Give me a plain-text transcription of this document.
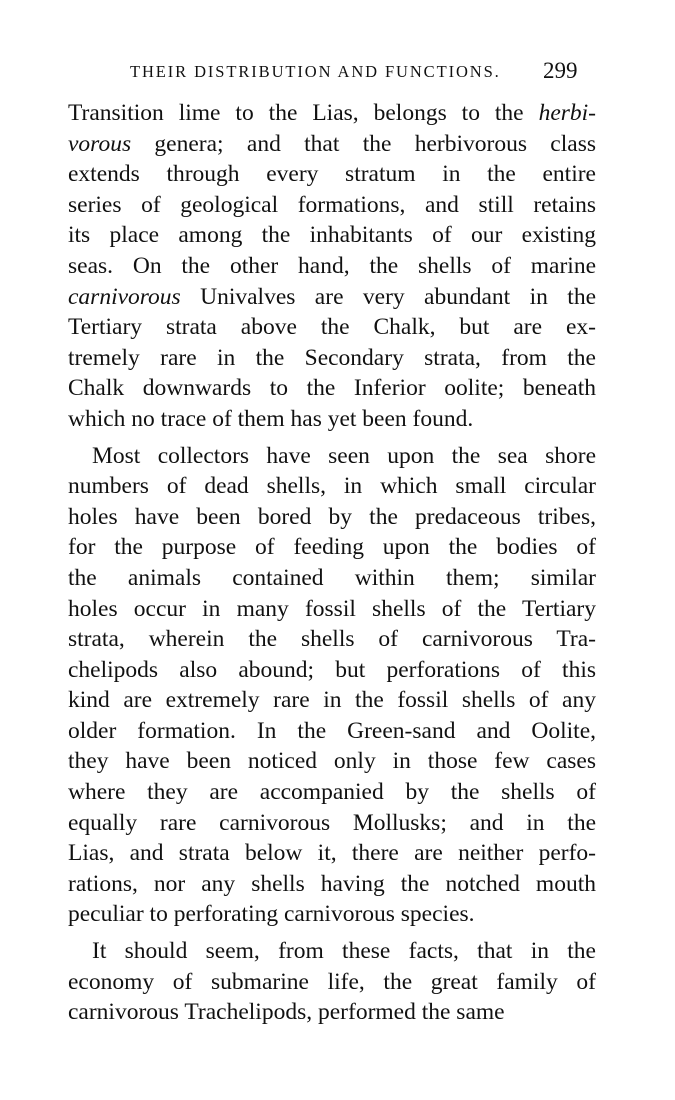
THEIR DISTRIBUTION AND FUNCTIONS. 299
Transition lime to the Lias, belongs to the herbi-
vorous genera; and that the herbivorous class
extends through every stratum in the entire
series of geological formations, and still retains
its place among the inhabitants of our existing
seas. On the other hand, the shells of marine
carnivorous Univalves are very abundant in the
Tertiary strata above the Chalk, but are ex-
tremely rare in the Secondary strata, from the
Chalk downwards to the Inferior oolite; beneath
which no trace of them has yet been found.
Most collectors have seen upon the sea shore
numbers of dead shells, in which small circular
holes have been bored by the predaceous tribes,
for the purpose of feeding upon the bodies of
the animals contained within them; similar
holes occur in many fossil shells of the Tertiary
strata, wherein the shells of carnivorous Tra-
chelipods also abound; but perforations of this
kind are extremely rare in the fossil shells of any
older formation. In the Green-sand and Oolite,
they have been noticed only in those few cases
where they are accompanied by the shells of
equally rare carnivorous Mollusks; and in the
Lias, and strata below it, there are neither perfo-
rations, nor any shells having the notched mouth
peculiar to perforating carnivorous species.
It should seem, from these facts, that in the
economy of submarine life, the great family of
carnivorous Trachelipods, performed the same
